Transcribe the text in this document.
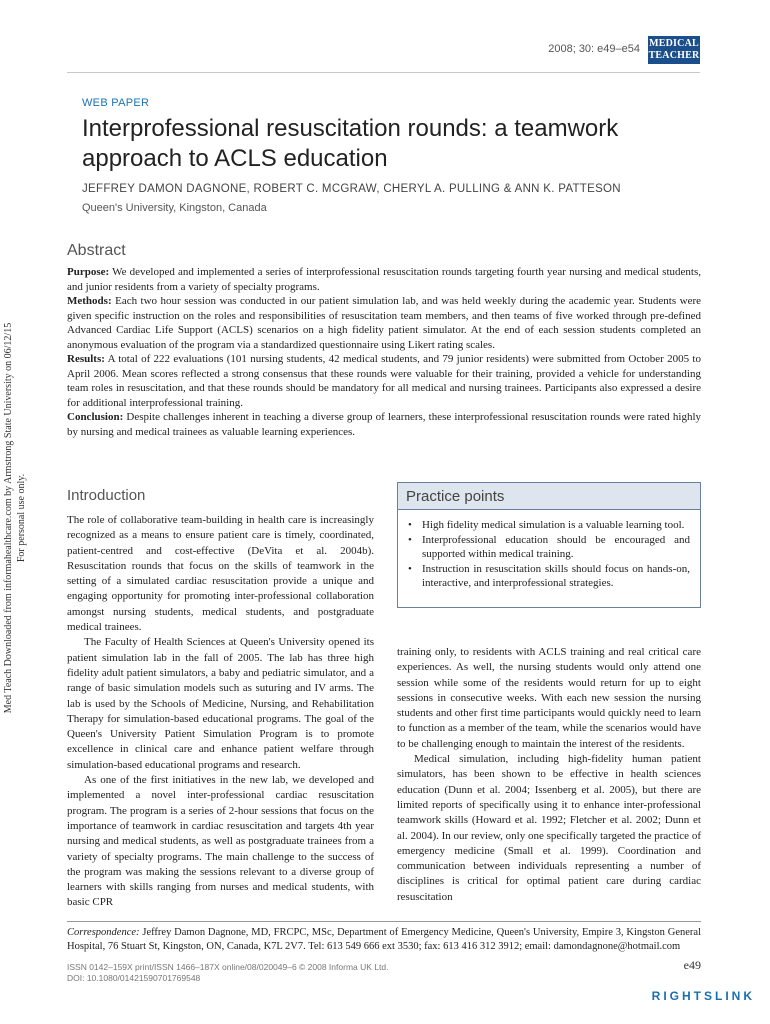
2008; 30: e49–e54 MEDICAL
TEACHER
Med Teach Downloaded from informahealthcare.com by Armstrong State University on 06/12/15 For personal use only.
WEB PAPER
Interprofessional resuscitation rounds: a teamwork approach to ACLS education
JEFFREY DAMON DAGNONE, ROBERT C. MCGRAW, CHERYL A. PULLING & ANN K. PATTESON
Queen's University, Kingston, Canada
Abstract

Purpose: We developed and implemented a series of interprofessional resuscitation rounds targeting fourth year nursing and medical students, and junior residents from a variety of specialty programs.

Methods: Each two hour session was conducted in our patient simulation lab, and was held weekly during the academic year. Students were given specific instruction on the roles and responsibilities of resuscitation team members, and then teams of five worked through pre-defined Advanced Cardiac Life Support (ACLS) scenarios on a high fidelity patient simulator. At the end of each session students completed an anonymous evaluation of the program via a standardized questionnaire using Likert rating scales.

Results: A total of 222 evaluations (101 nursing students, 42 medical students, and 79 junior residents) were submitted from October 2005 to April 2006. Mean scores reflected a strong consensus that these rounds were valuable for their training, provided a vehicle for understanding team roles in resuscitation, and that these rounds should be mandatory for all medical and nursing trainees. Participants also expressed a desire for additional interprofessional training.

Conclusion: Despite challenges inherent in teaching a diverse group of learners, these interprofessional resuscitation rounds were rated highly by nursing and medical trainees as valuable learning experiences.

Introduction

The role of collaborative team-building in health care is increasingly recognized as a means to ensure patient care is timely, coordinated, patient-centred and cost-effective (DeVita et al. 2004b). Resuscitation rounds that focus on the skills of teamwork in the setting of a simulated cardiac resuscitation provide a unique and engaging opportunity for promoting inter-professional collaboration amongst nursing students, medical students, and postgraduate medical trainees.

The Faculty of Health Sciences at Queen's University opened its patient simulation lab in the fall of 2005. The lab has three high fidelity adult patient simulators, a baby and pediatric simulator, and a range of basic simulation models such as suturing and IV arms. The lab is used by the Schools of Medicine, Nursing, and Rehabilitation Therapy for simulation-based educational programs. The goal of the Queen's University Patient Simulation Program is to promote excellence in clinical care and enhance patient welfare through simulation-based educational programs and research.

As one of the first initiatives in the new lab, we developed and implemented a novel inter-professional cardiac resuscitation program. The program is a series of 2-hour sessions that focus on the importance of teamwork in cardiac resuscitation and targets 4th year nursing and medical students, as well as postgraduate trainees from a variety of specialty programs. The main challenge to the success of the program was making the sessions relevant to a diverse group of learners with skills ranging from nurses and medical students, with basic CPR

Practice points
• High fidelity medical simulation is a valuable learning tool.
• Interprofessional education should be encouraged and supported within medical training.
• Instruction in resuscitation skills should focus on hands-on, interactive, and interprofessional strategies.

training only, to residents with ACLS training and real critical care experiences. As well, the nursing students would only attend one session while some of the residents would return for up to eight sessions in consecutive weeks. With each new session the nursing students and other first time participants would quickly need to learn to function as a member of the team, while the scenarios would have to be challenging enough to maintain the interest of the residents.

Medical simulation, including high-fidelity human patient simulators, has been shown to be effective in health sciences education (Dunn et al. 2004; Issenberg et al. 2005), but there are limited reports of specifically using it to enhance inter-professional teamwork skills (Howard et al. 1992; Fletcher et al. 2002; Dunn et al. 2004). In our review, only one specifically targeted the practice of emergency medicine (Small et al. 1999). Coordination and communication between individuals representing a number of disciplines is critical for optimal patient care during cardiac resuscitation

Correspondence: Jeffrey Damon Dagnone, MD, FRCPC, MSc, Department of Emergency Medicine, Queen's University, Empire 3, Kingston General Hospital, 76 Stuart St, Kingston, ON, Canada, K7L 2V7. Tel: 613 549 666 ext 3530; fax: 613 416 312 3912; email: damondagnone@hotmail.com
ISSN 0142–159X print/ISSN 1466–187X online/08/020049–6 © 2008 Informa UK Ltd.
DOI: 10.1080/01421590701769548
e49
RIGHTSLINK
